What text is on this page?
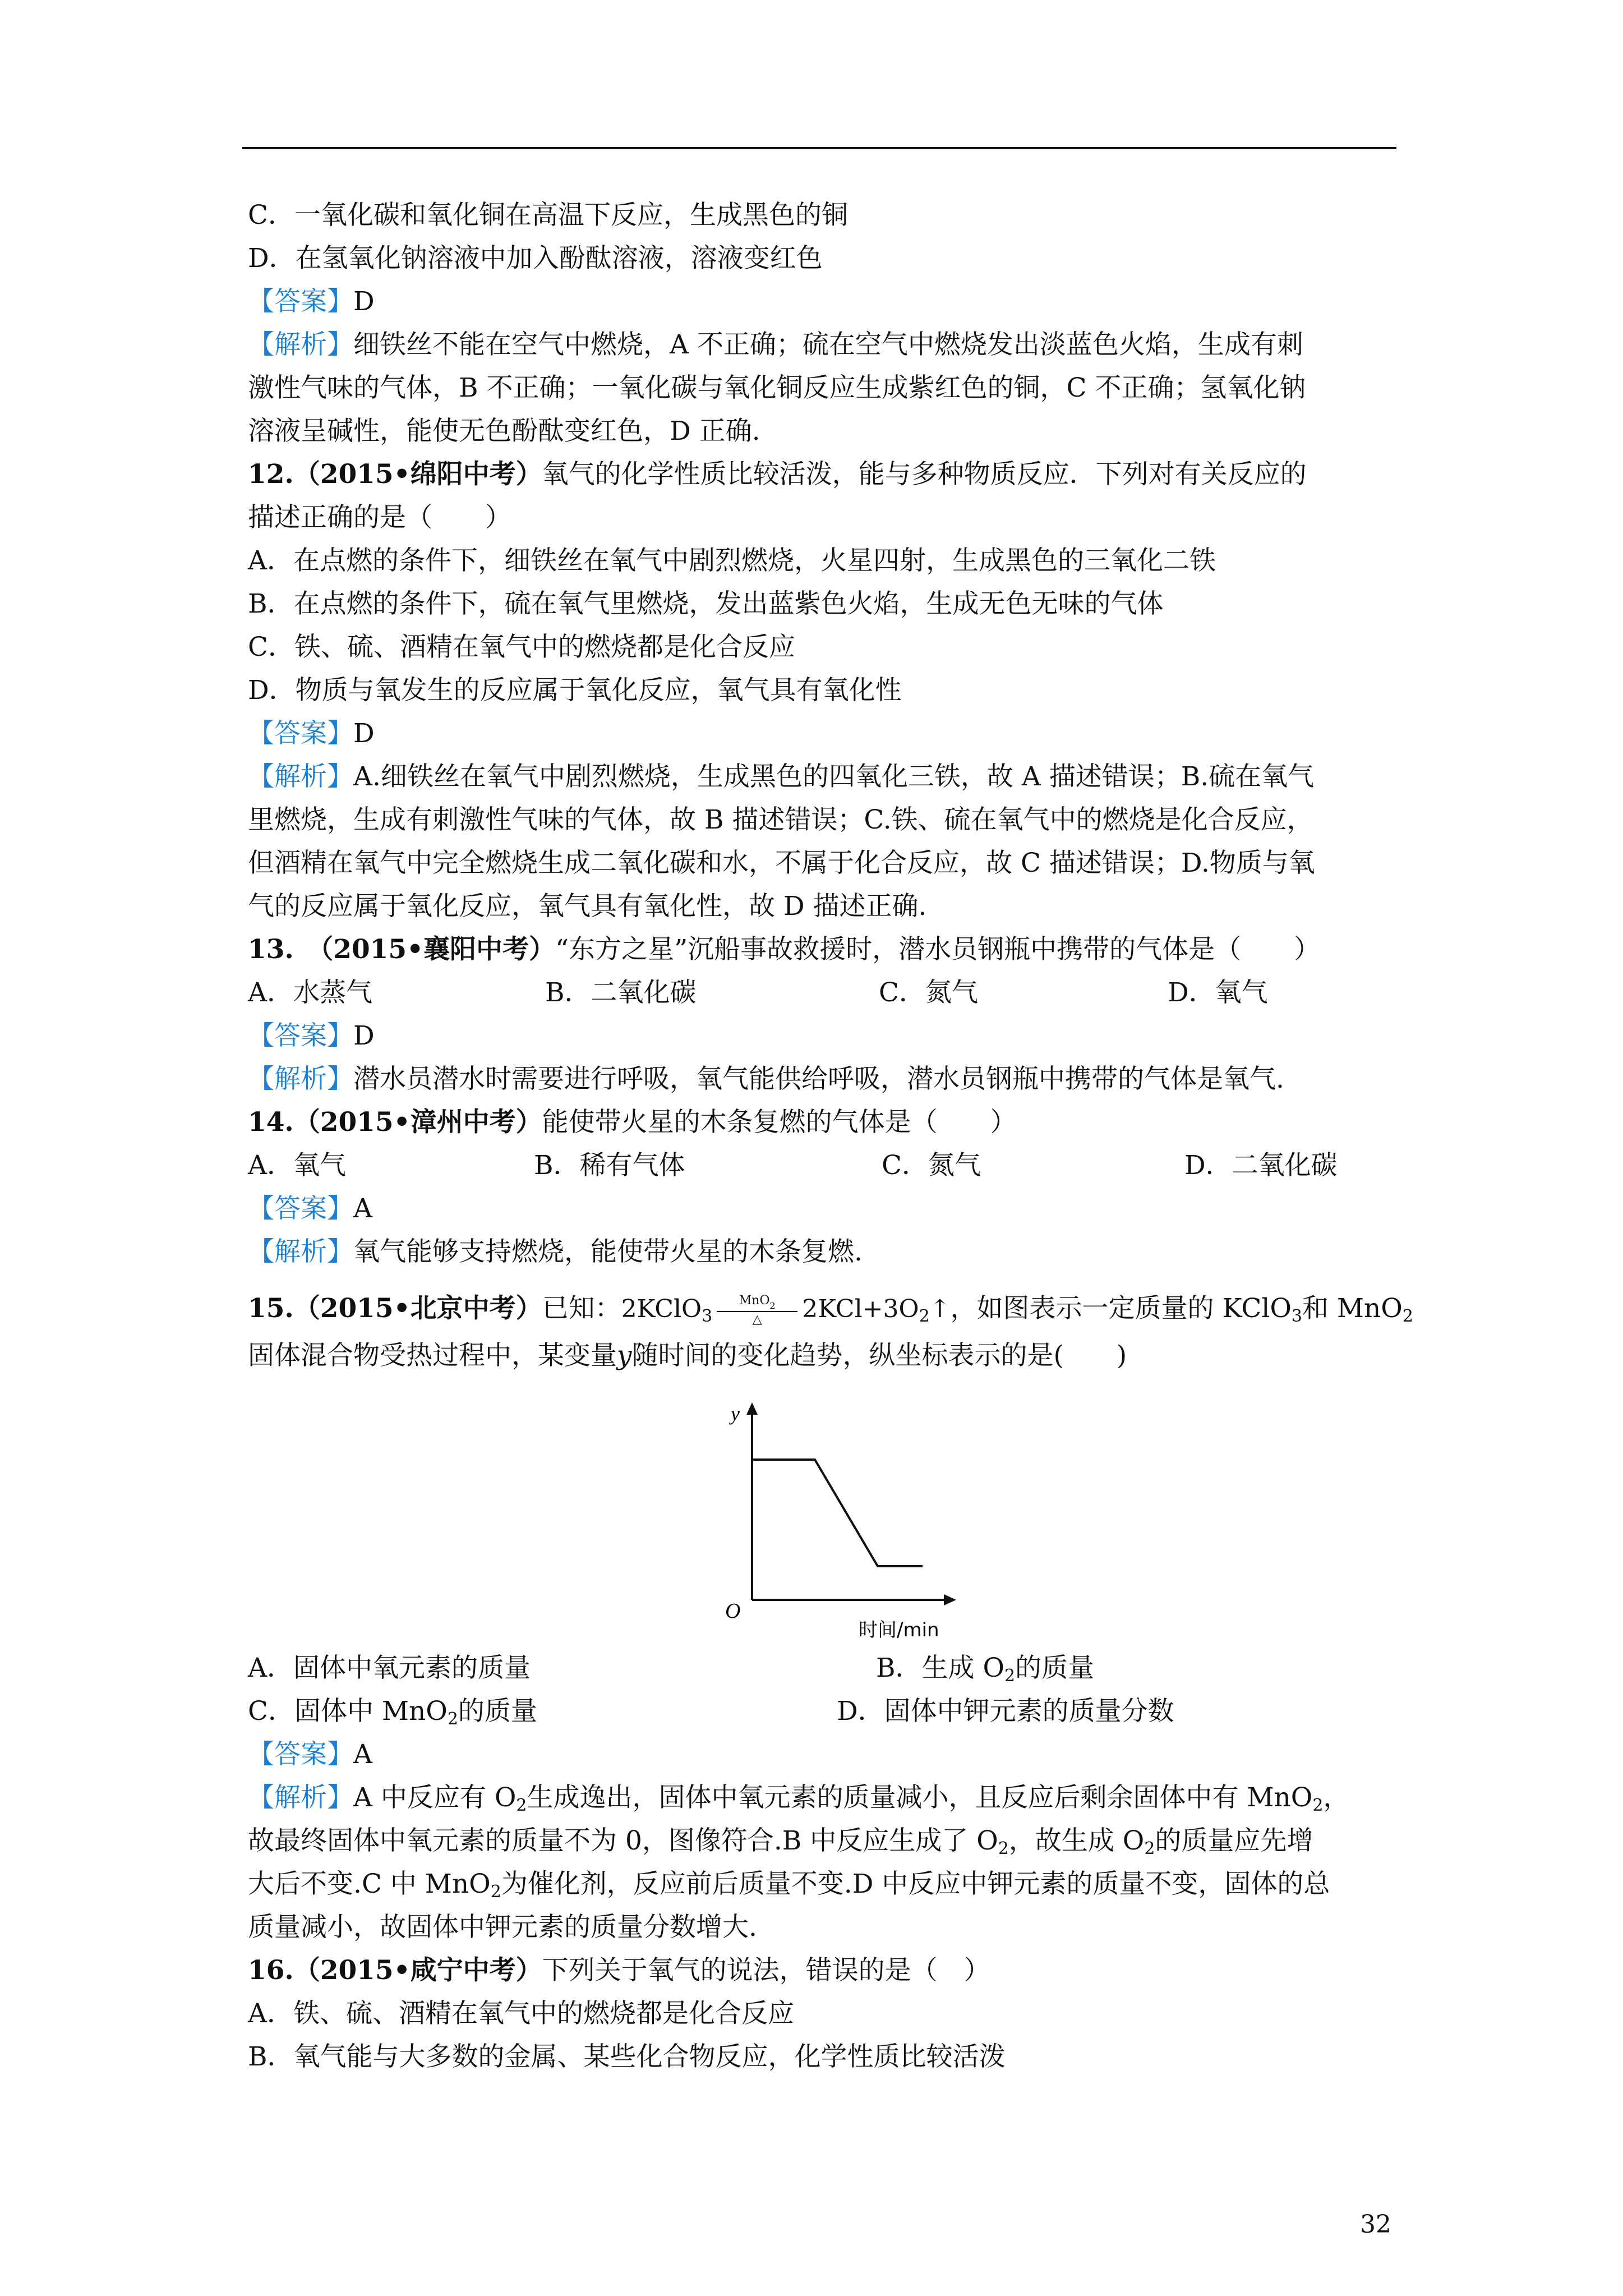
C．一氧化碳和氧化铜在高温下反应，生成黑色的铜
D．在氢氧化钠溶液中加入酚酞溶液，溶液变红色
【答案】D
【解析】细铁丝不能在空气中燃烧，A 不正确；硫在空气中燃烧发出淡蓝色火焰，生成有刺
激性气味的气体，B 不正确；一氧化碳与氧化铜反应生成紫红色的铜，C 不正确；氢氧化钠
溶液呈碱性，能使无色酚酞变红色，D 正确.
12.（2015•绵阳中考）氧气的化学性质比较活泼，能与多种物质反应．下列对有关反应的
描述正确的是（　　）
A．在点燃的条件下，细铁丝在氧气中剧烈燃烧，火星四射，生成黑色的三氧化二铁
B．在点燃的条件下，硫在氧气里燃烧，发出蓝紫色火焰，生成无色无味的气体
C．铁、硫、酒精在氧气中的燃烧都是化合反应
D．物质与氧发生的反应属于氧化反应，氧气具有氧化性
【答案】D
【解析】A.细铁丝在氧气中剧烈燃烧，生成黑色的四氧化三铁，故 A 描述错误；B.硫在氧气
里燃烧，生成有刺激性气味的气体，故 B 描述错误；C.铁、硫在氧气中的燃烧是化合反应，
但酒精在氧气中完全燃烧生成二氧化碳和水，不属于化合反应，故 C 描述错误；D.物质与氧
气的反应属于氧化反应，氧气具有氧化性，故 D 描述正确.
13.　（2015•襄阳中考）“东方之星”沉船事故救援时，潜水员钢瓶中携带的气体是（　　）
A．水蒸气	B．二氧化碳	C．氮气	D．氧气
【答案】D
【解析】潜水员潜水时需要进行呼吸，氧气能供给呼吸，潜水员钢瓶中携带的气体是氧气.
14.（2015•漳州中考）能使带火星的木条复燃的气体是（　　）
A．氧气	B．稀有气体	C．氮气	D．二氧化碳
【答案】A
【解析】氧气能够支持燃烧，能使带火星的木条复燃.
15.（2015•北京中考）已知：2KClO$_3$
MnO$_2$
△	$2KCl+3O_2↑$，如图表示一定质量的 KClO$_3$和 MnO$_2$
固体混合物受热过程中，某变量y随时间的变化趋势，纵坐标表示的是(　　)
A．固体中氧元素的质量	B．生成 $O_2$的质量
C．固体中 MnO$_2$的质量	D．固体中钾元素的质量分数
【答案】A
【解析】A 中反应有 $O_2$生成逸出，固体中氧元素的质量减小，且反应后剩余固体中有 MnO$_2$，
故最终固体中氧元素的质量不为 0，图像符合.B 中反应生成了 $O_2$，故生成 $O_2$的质量应先增
大后不变.C 中 MnO$_2$为催化剂，反应前后质量不变.D 中反应中钾元素的质量不变，固体的总
质量减小，故固体中钾元素的质量分数增大.
16.（2015•咸宁中考）下列关于氧气的说法，错误的是（　）
A．铁、硫、酒精在氧气中的燃烧都是化合反应
B．氧气能与大多数的金属、某些化合物反应，化学性质比较活泼
y
O
时间/min
32
